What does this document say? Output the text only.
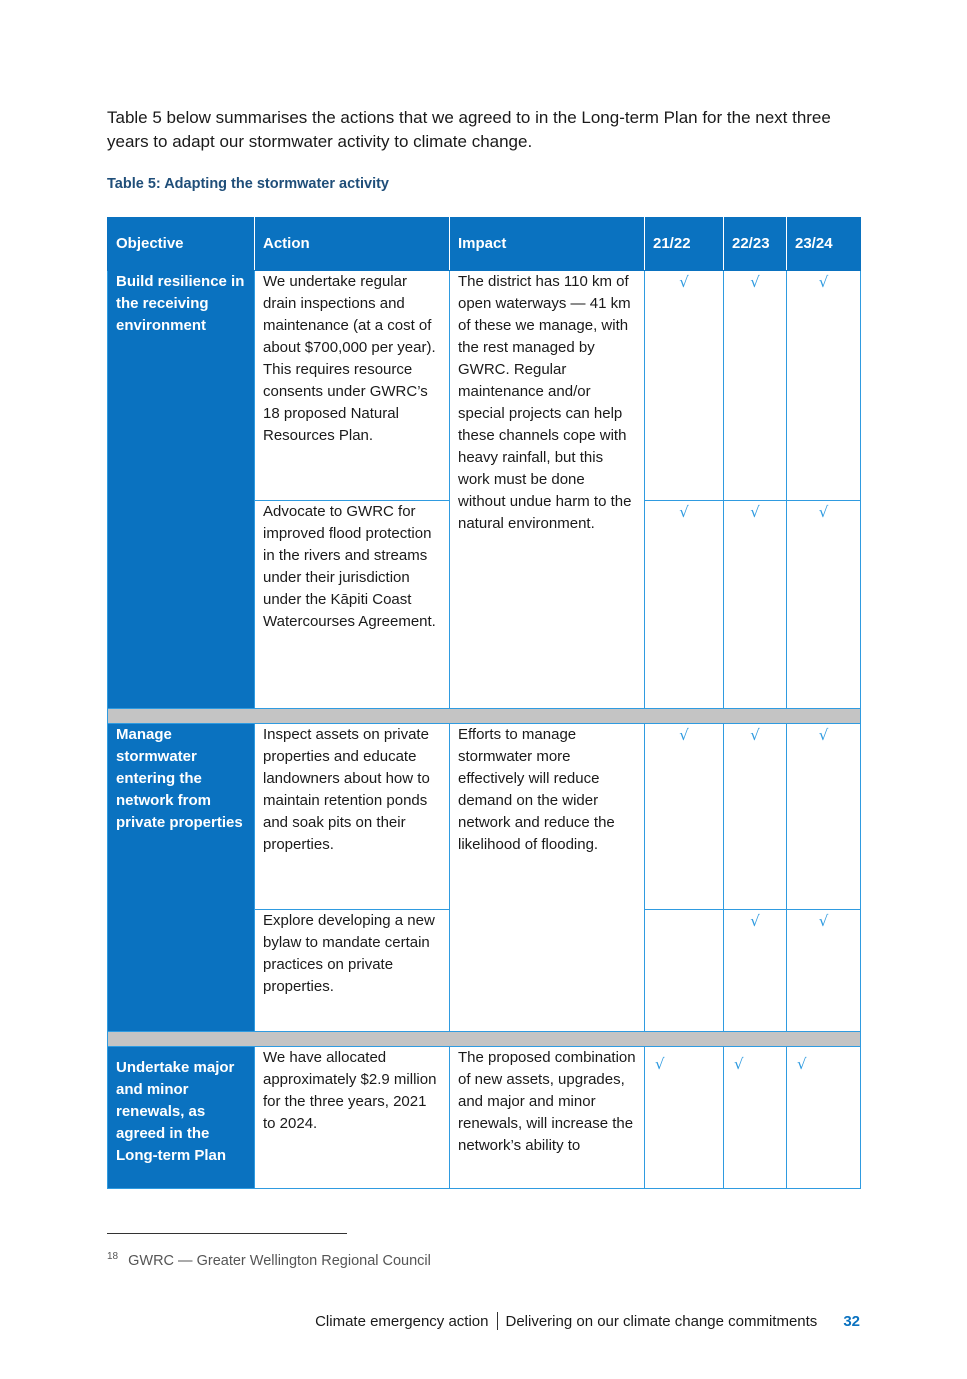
Table 5 below summarises the actions that we agreed to in the Long-term Plan for the next three years to adapt our stormwater activity to climate change.

Table 5: Adapting the stormwater activity

Objective	Action	Impact	21/22	22/23	23/24
Build resilience in the receiving environment	We undertake regular drain inspections and maintenance (at a cost of about $700,000 per year). This requires resource consents under GWRC’s 18 proposed Natural Resources Plan.	The district has 110 km of open waterways — 41 km of these we manage, with the rest managed by GWRC. Regular maintenance and/or special projects can help these channels cope with heavy rainfall, but this work must be done without undue harm to the natural environment.	√	√	√
	Advocate to GWRC for improved flood protection in the rivers and streams under their jurisdiction under the Kāpiti Coast Watercourses Agreement.		√	√	√

Manage stormwater entering the network from private properties	Inspect assets on private properties and educate landowners about how to maintain retention ponds and soak pits on their properties.	Efforts to manage stormwater more effectively will reduce demand on the wider network and reduce the likelihood of flooding.	√	√	√
	Explore developing a new bylaw to mandate certain practices on private properties.			√	√

Undertake major and minor renewals, as agreed in the Long-term Plan	We have allocated approximately $2.9 million for the three years, 2021 to 2024.	The proposed combination of new assets, upgrades, and major and minor renewals, will increase the network’s ability to	√	√	√

$^{18}$ GWRC — Greater Wellington Regional Council

Climate emergency action Delivering on our climate change commitments 32
